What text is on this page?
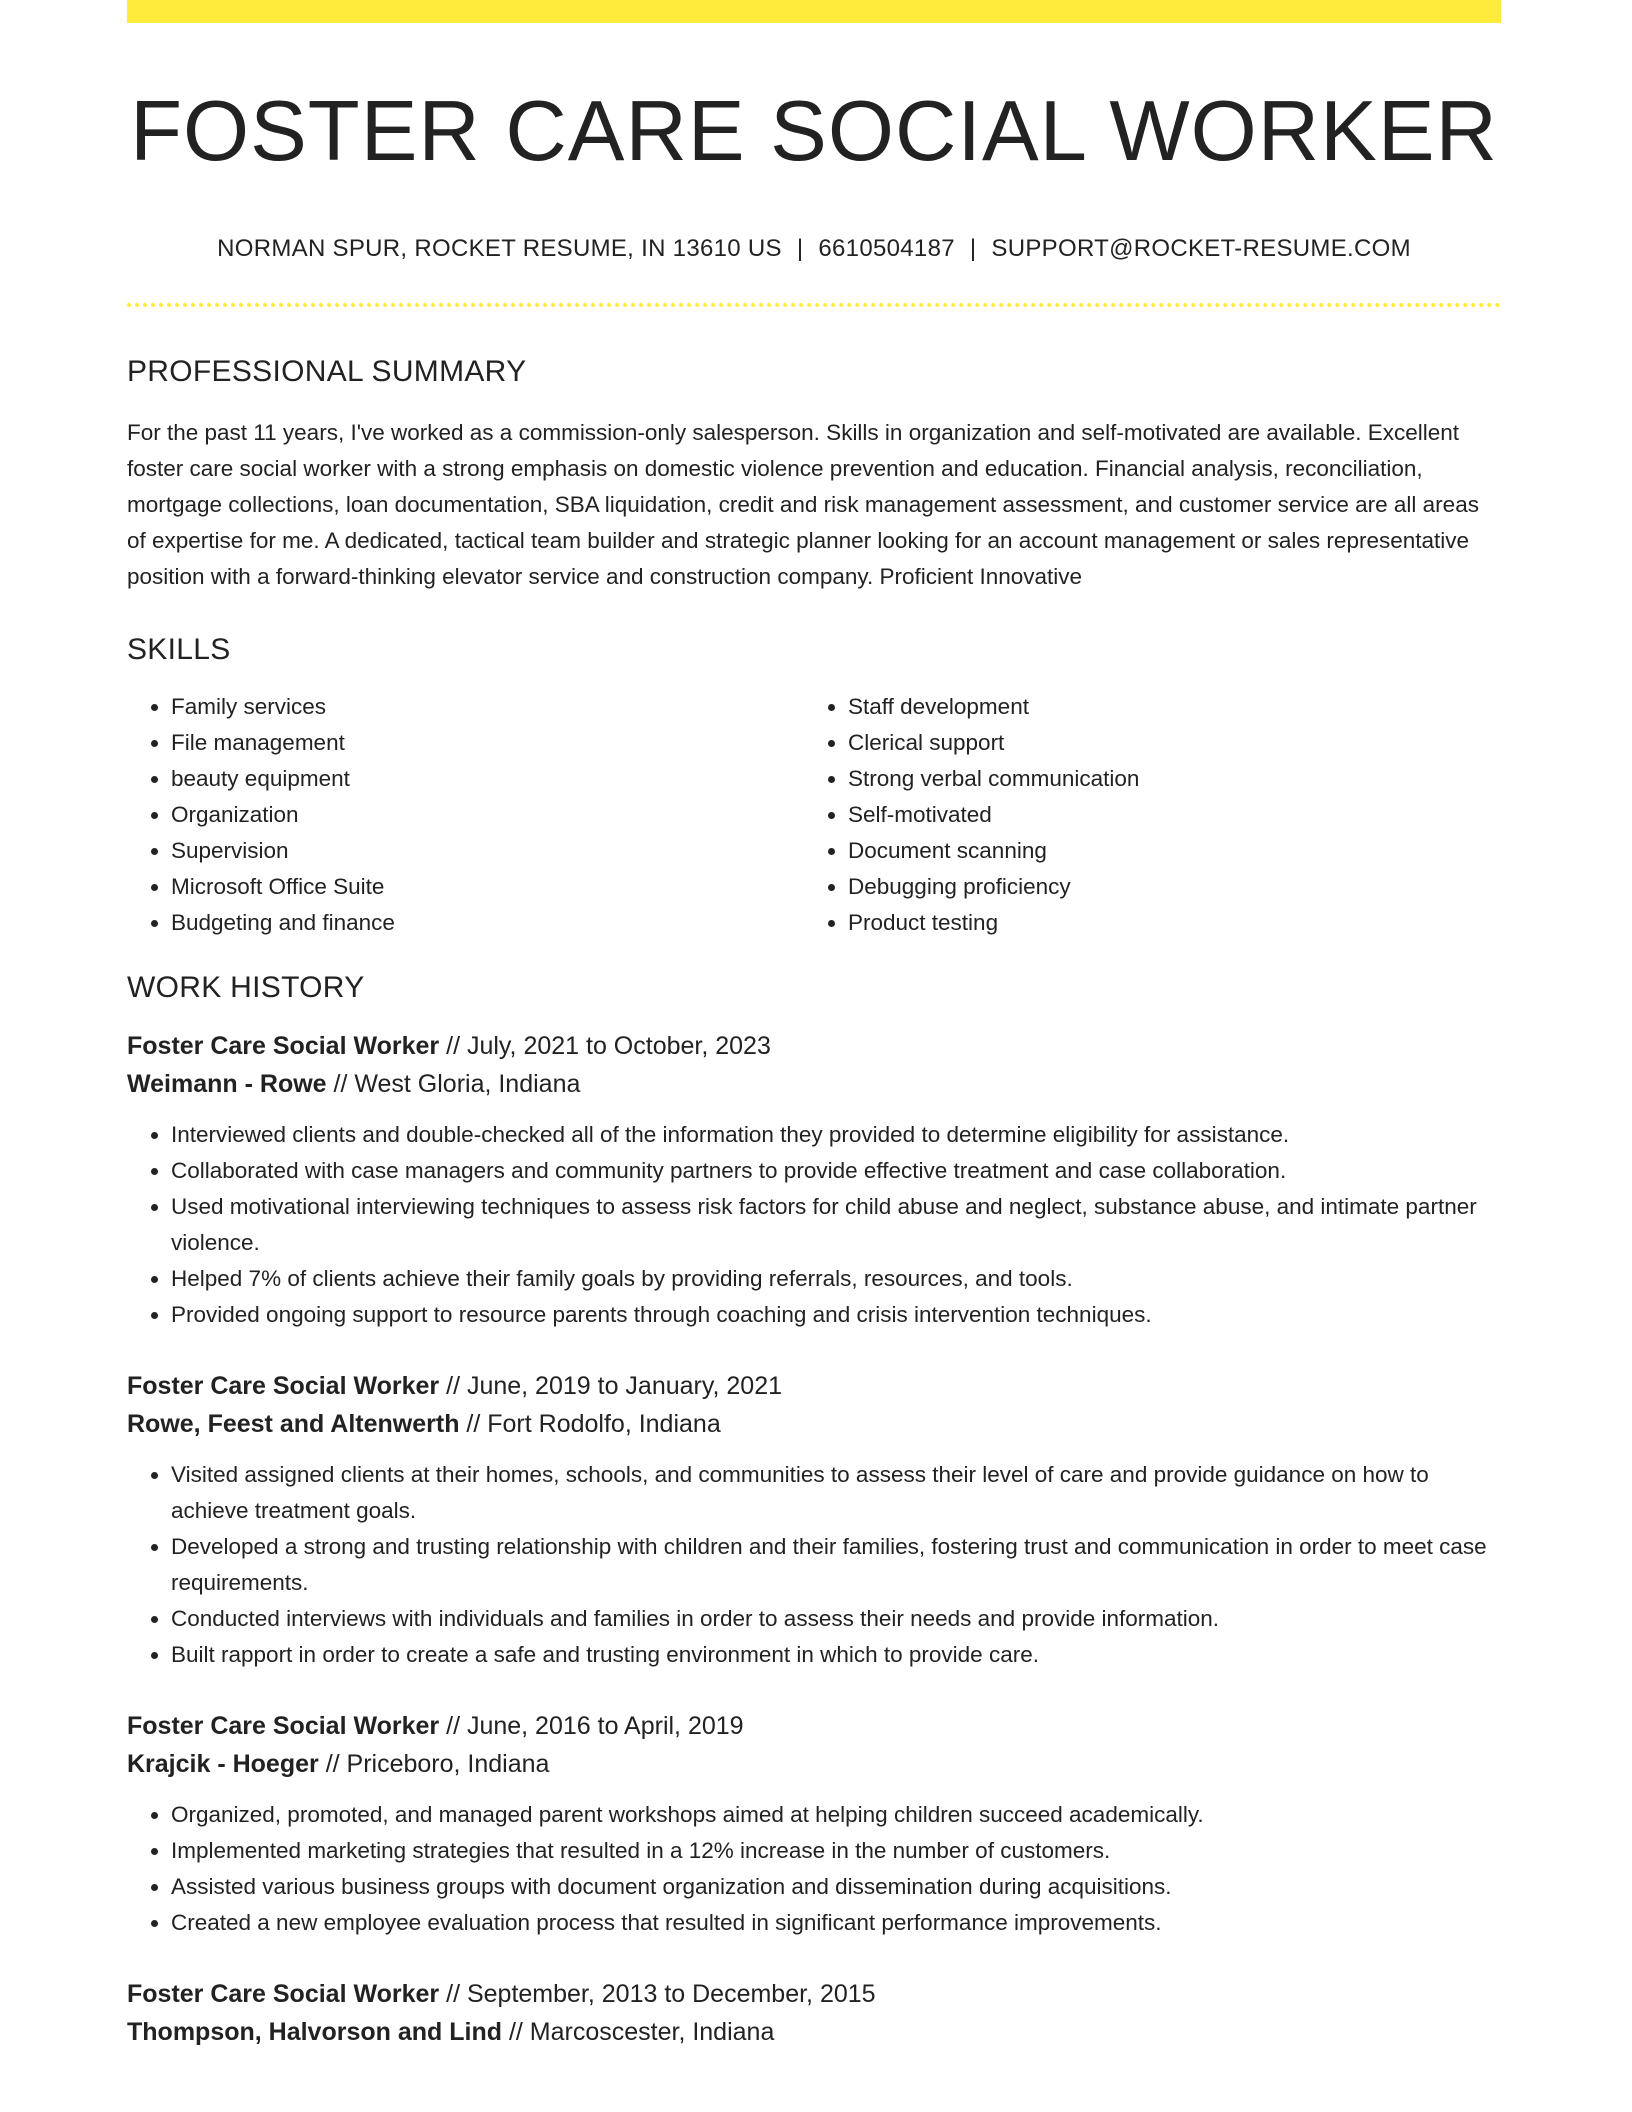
FOSTER CARE SOCIAL WORKER
NORMAN SPUR, ROCKET RESUME, IN 13610 US | 6610504187 | SUPPORT@ROCKET-RESUME.COM
PROFESSIONAL SUMMARY
For the past 11 years, I've worked as a commission-only salesperson. Skills in organization and self-motivated are available. Excellent foster care social worker with a strong emphasis on domestic violence prevention and education. Financial analysis, reconciliation, mortgage collections, loan documentation, SBA liquidation, credit and risk management assessment, and customer service are all areas of expertise for me. A dedicated, tactical team builder and strategic planner looking for an account management or sales representative position with a forward-thinking elevator service and construction company. Proficient Innovative
SKILLS
• Family services
• File management
• beauty equipment
• Organization
• Supervision
• Microsoft Office Suite
• Budgeting and finance
• Staff development
• Clerical support
• Strong verbal communication
• Self-motivated
• Document scanning
• Debugging proficiency
• Product testing
WORK HISTORY
Foster Care Social Worker // July, 2021 to October, 2023
Weimann - Rowe // West Gloria, Indiana
• Interviewed clients and double-checked all of the information they provided to determine eligibility for assistance.
• Collaborated with case managers and community partners to provide effective treatment and case collaboration.
• Used motivational interviewing techniques to assess risk factors for child abuse and neglect, substance abuse, and intimate partner violence.
• Helped 7% of clients achieve their family goals by providing referrals, resources, and tools.
• Provided ongoing support to resource parents through coaching and crisis intervention techniques.
Foster Care Social Worker // June, 2019 to January, 2021
Rowe, Feest and Altenwerth // Fort Rodolfo, Indiana
• Visited assigned clients at their homes, schools, and communities to assess their level of care and provide guidance on how to achieve treatment goals.
• Developed a strong and trusting relationship with children and their families, fostering trust and communication in order to meet case requirements.
• Conducted interviews with individuals and families in order to assess their needs and provide information.
• Built rapport in order to create a safe and trusting environment in which to provide care.
Foster Care Social Worker // June, 2016 to April, 2019
Krajcik - Hoeger // Priceboro, Indiana
• Organized, promoted, and managed parent workshops aimed at helping children succeed academically.
• Implemented marketing strategies that resulted in a 12% increase in the number of customers.
• Assisted various business groups with document organization and dissemination during acquisitions.
• Created a new employee evaluation process that resulted in significant performance improvements.
Foster Care Social Worker // September, 2013 to December, 2015
Thompson, Halvorson and Lind // Marcoscester, Indiana
